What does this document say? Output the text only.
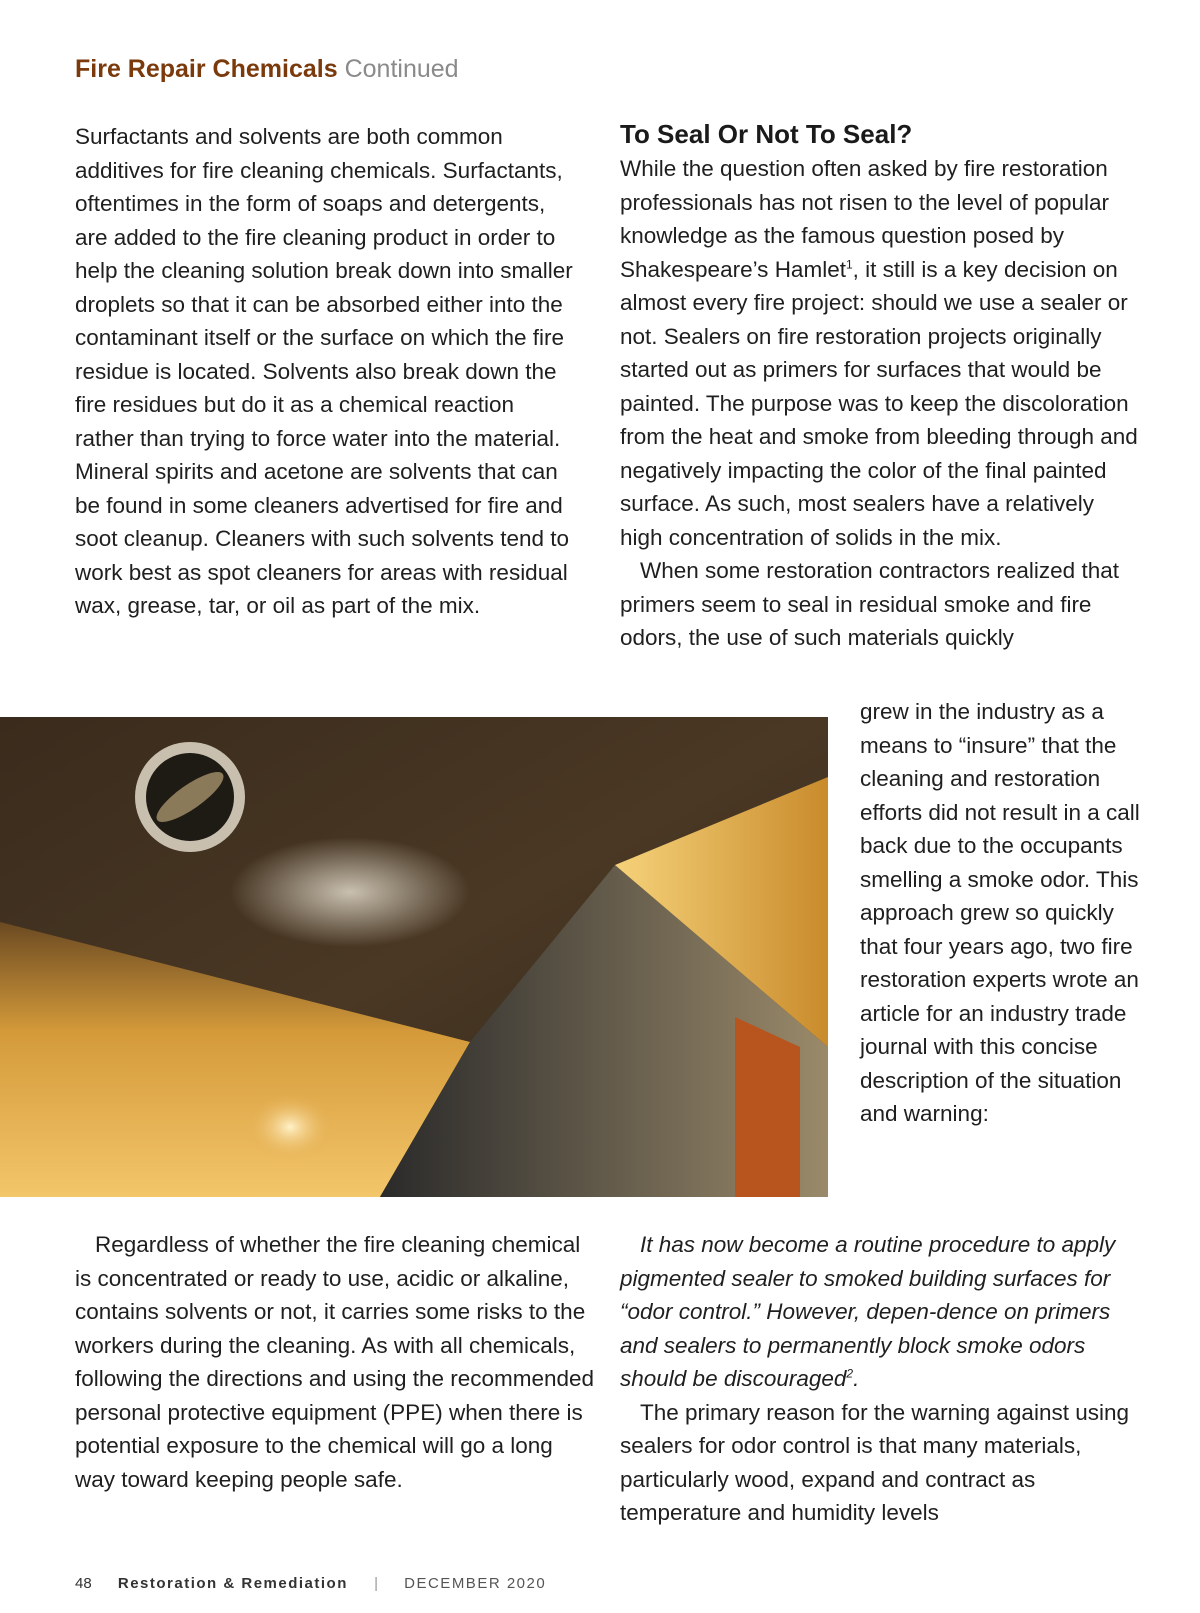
Fire Repair Chemicals Continued

Surfactants and solvents are both common additives for fire cleaning chemicals. Surfactants, oftentimes in the form of soaps and detergents, are added to the fire cleaning product in order to help the cleaning solution break down into smaller droplets so that it can be absorbed either into the contaminant itself or the surface on which the fire residue is located. Solvents also break down the fire residues but do it as a chemical reaction rather than trying to force water into the material. Mineral spirits and acetone are solvents that can be found in some cleaners advertised for fire and soot cleanup. Cleaners with such solvents tend to work best as spot cleaners for areas with residual wax, grease, tar, or oil as part of the mix.

To Seal Or Not To Seal?

While the question often asked by fire restoration professionals has not risen to the level of popular knowledge as the famous question posed by Shakespeare’s Hamlet$^1$, it still is a key decision on almost every fire project: should we use a sealer or not. Sealers on fire restoration projects originally started out as primers for surfaces that would be painted. The purpose was to keep the discoloration from the heat and smoke from bleeding through and negatively impacting the color of the final painted surface. As such, most sealers have a relatively high concentration of solids in the mix.

When some restoration contractors realized that primers seem to seal in residual smoke and fire odors, the use of such materials quickly

grew in the industry as a means to “insure” that the cleaning and restoration efforts did not result in a call back due to the occupants smelling a smoke odor. This approach grew so quickly that four years ago, two fire restoration experts wrote an article for an industry trade journal with this concise description of the situation and warning:

Regardless of whether the fire cleaning chemical is concentrated or ready to use, acidic or alkaline, contains solvents or not, it carries some risks to the workers during the cleaning. As with all chemicals, following the directions and using the recommended personal protective equipment (PPE) when there is potential exposure to the chemical will go a long way toward keeping people safe.

It has now become a routine procedure to apply pigmented sealer to smoked building surfaces for “odor control.” However, depen-dence on primers and sealers to permanently block smoke odors should be discouraged$^2$.

The primary reason for the warning against using sealers for odor control is that many materials, particularly wood, expand and contract as temperature and humidity levels

48 Restoration & Remediation | DECEMBER 2020
